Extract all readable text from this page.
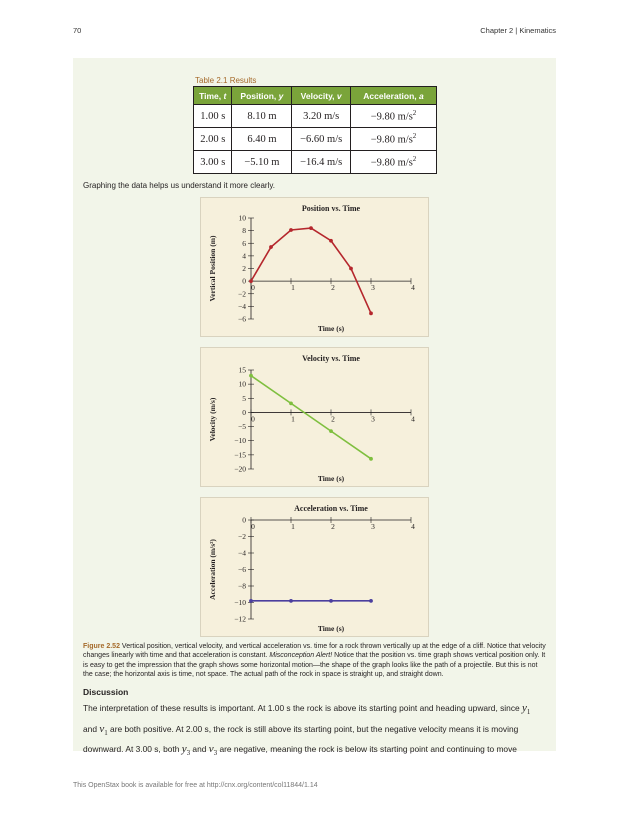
70	Chapter 2 | Kinematics
Table 2.1 Results
Time, t	Position, y	Velocity, v	Acceleration, a
1.00 s	8.10 m	3.20 m/s	−9.80 $m/s^2$
2.00 s	6.40 m	−6.60 m/s	−9.80 $m/s^2$
3.00 s	−5.10 m	−16.4 m/s	−9.80 $m/s^2$
Graphing the data helps us understand it more clearly.
Position vs. Time
Time (s)
Vertical Position (m)
10
8
6
4
2
0
−2
−4
−6
0	1	2	3	4
Velocity vs. Time
Time (s)
Velocity (m/s)
15
10
5
0
−5
−10
−15
−20
0	1	2	3	4
Acceleration vs. Time
Time (s)
Acceleration (m/s²)
0
−2
−4
−6
−8
−10
−12
0	1	2	3	4
Figure 2.52 Vertical position, vertical velocity, and vertical acceleration vs. time for a rock thrown vertically up at the edge of a cliff. Notice that velocity changes linearly with time and that acceleration is constant. Misconception Alert! Notice that the position vs. time graph shows vertical position only. It is easy to get the impression that the graph shows some horizontal motion—the shape of the graph looks like the path of a projectile. But this is not the case; the horizontal axis is time, not space. The actual path of the rock in space is straight up, and straight down.
Discussion
The interpretation of these results is important. At 1.00 s the rock is above its starting point and heading upward, since $y_1$
and $v_1$ are both positive. At 2.00 s, the rock is still above its starting point, but the negative velocity means it is moving downward. At 3.00 s, both $y_3$ and $v_3$ are negative, meaning the rock is below its starting point and continuing to move
This OpenStax book is available for free at http://cnx.org/content/col11844/1.14
